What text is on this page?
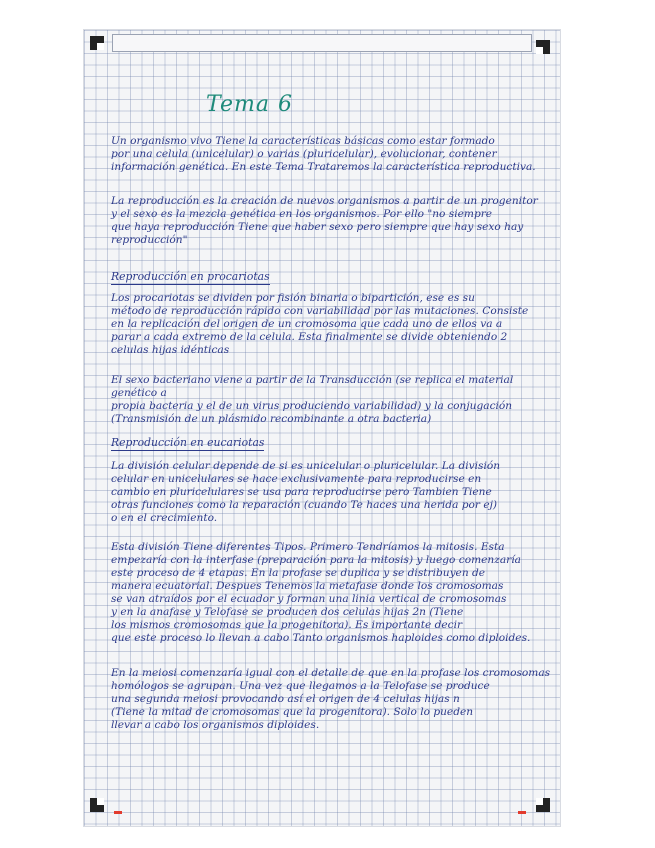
Tema 6
Un organismo vivo Tiene la características básicas como estar formado
por una celula (unicelular) o varias (pluricelular), evolucionar, contener
información genética. En este Tema Trataremos la característica reproductiva.
La reproducción es la creación de nuevos organismos a partir de un progenitor
y el sexo es la mezcla genética en los organismos. Por ello "no siempre
que haya reproducción Tiene que haber sexo pero siempre que hay sexo hay
reproducción"
Reproducción en procariotas
Los procariotas se dividen por fisión binaria o bipartición, ese es su
método de reproducción rápido con variabilidad por las mutaciones. Consiste
en la replicación del origen de un cromosoma que cada uno de ellos va a
parar a cada extremo de la celula. Esta finalmente se divide obteniendo 2
celulas hijas idénticas
El sexo bacteriano viene a partir de la Transducción (se replica el material genético a
propia bacteria y el de un virus produciendo variabilidad) y la conjugación
(Transmisión de un plásmido recombinante a otra bacteria)
Reproducción en eucariotas
La división celular depende de si es unicelular o pluricelular. La división
celular en unicelulares se hace exclusivamente para reproducirse en
cambio en pluricelulares se usa para reproducirse pero Tambien Tiene
otras funciones como la reparación (cuando Te haces una herida por ej)
o en el crecimiento.
Esta división Tiene diferentes Tipos. Primero Tendríamos la mitosis. Esta
empezaría con la interfase (preparación para la mitosis) y luego comenzaría
este proceso de 4 etapas. En la profase se duplica y se distribuyen de
manera ecuatorial. Despues Tenemos la metafase donde los cromosomas
se van atraídos por el ecuador y forman una linia vertical de cromosomas
y en la anafase y Telofase se producen dos celulas hijas 2n (Tiene
los mismos cromosomas que la progenitora). Es importante decir
que este proceso lo llevan a cabo Tanto organismos haploides como diploides.
En la meiosi comenzaría igual con el detalle de que en la profase los cromosomas
homólogos se agrupan. Una vez que llegamos a la Telofase se produce
una segunda meiosi provocando así el origen de 4 celulas hijas n
(Tiene la mitad de cromosomas que la progenitora). Solo lo pueden
llevar a cabo los organismos diploides.
